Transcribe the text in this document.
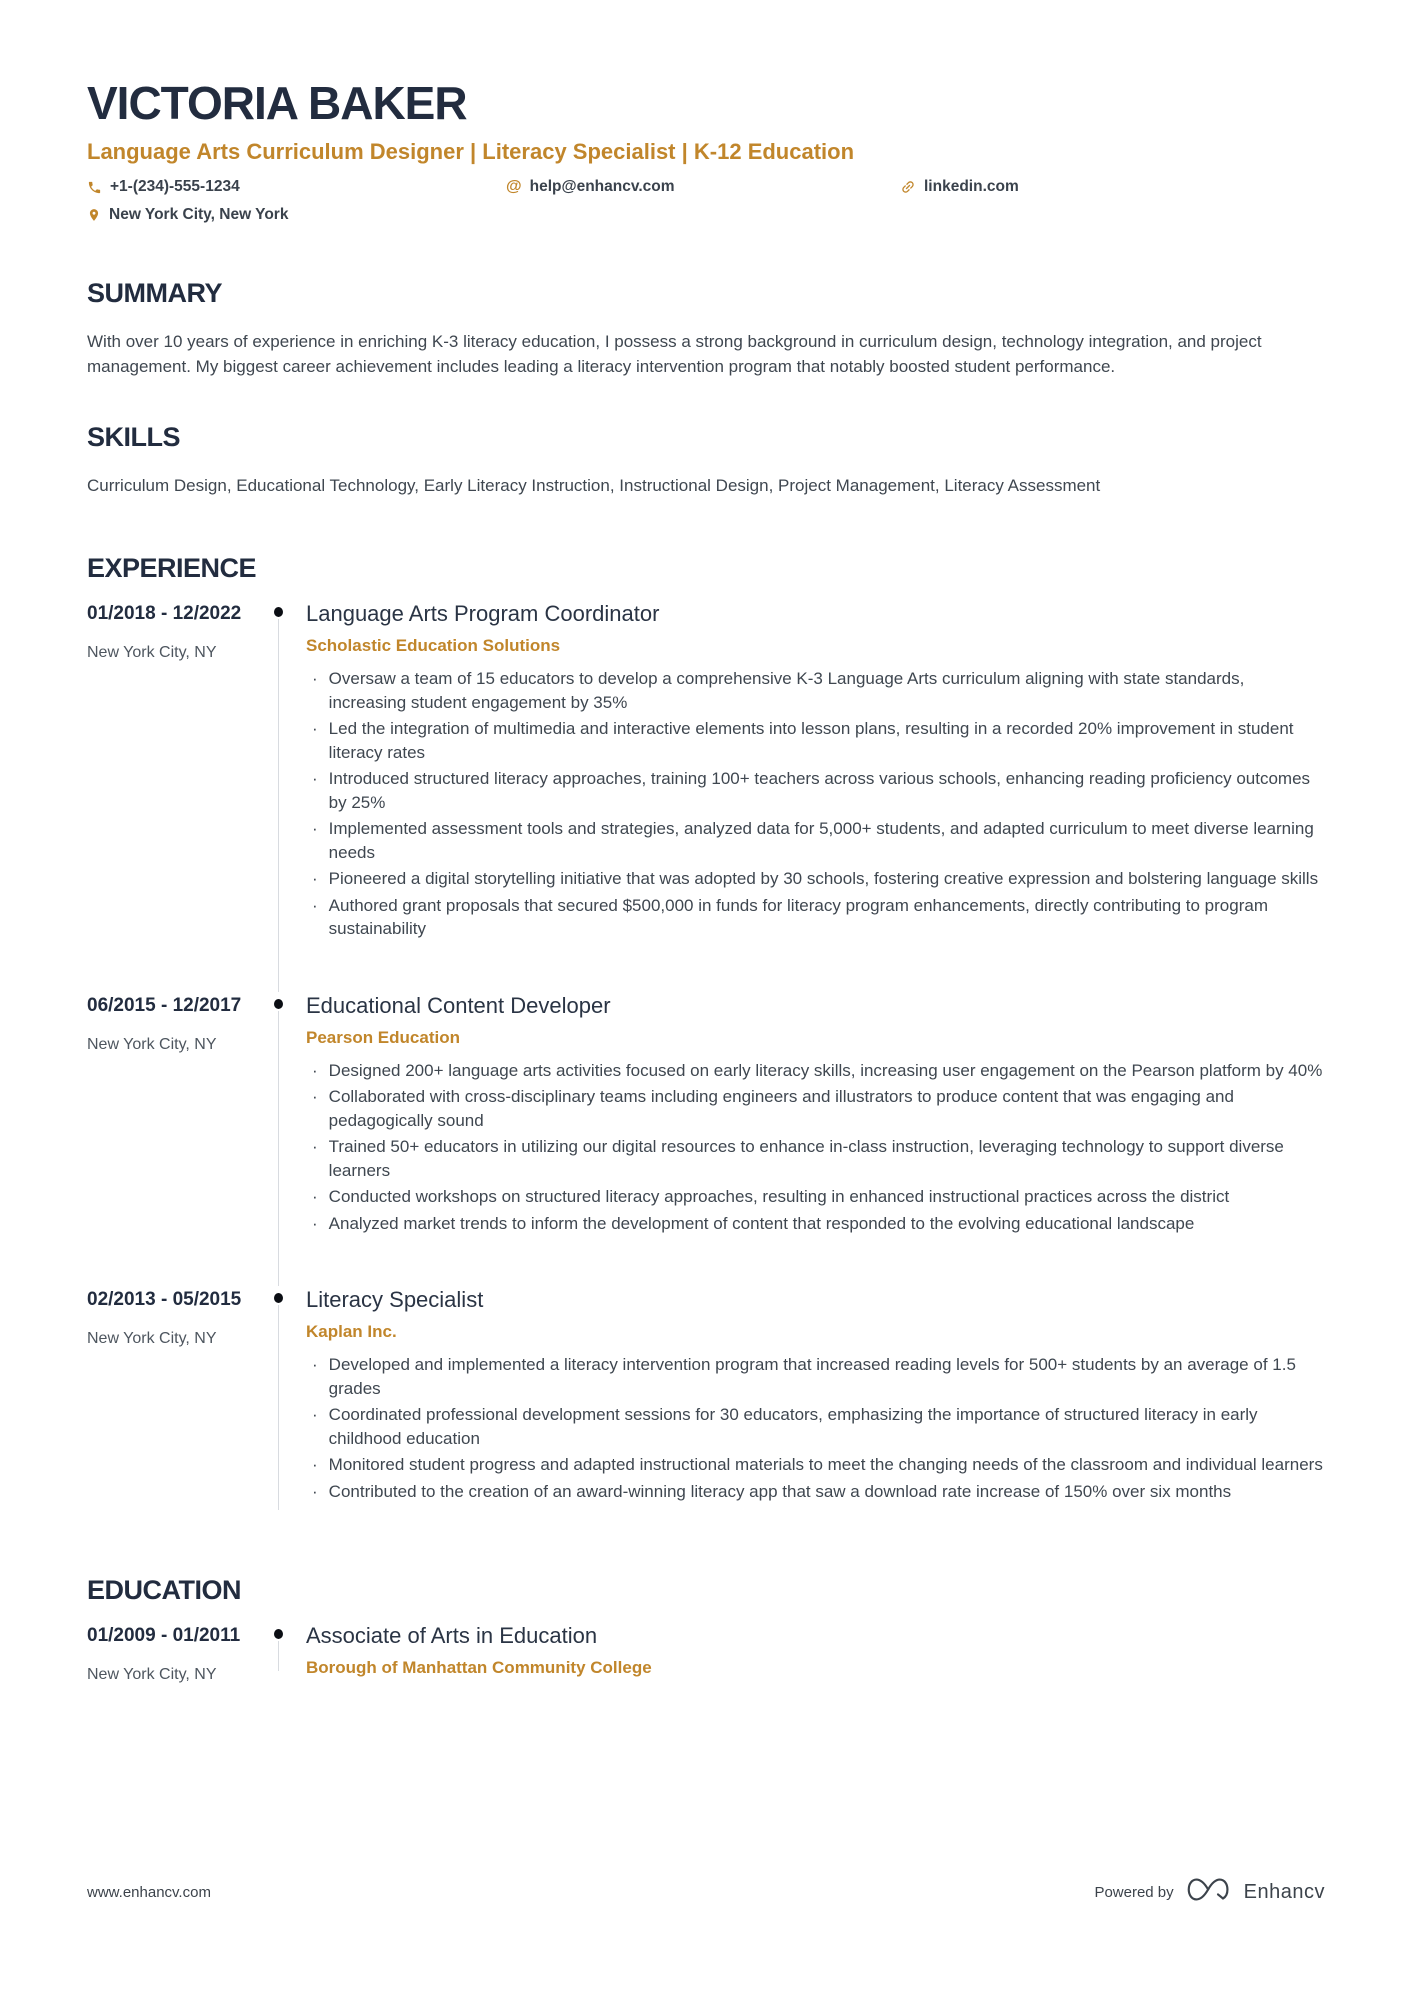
VICTORIA BAKER
Language Arts Curriculum Designer | Literacy Specialist | K-12 Education
+1-(234)-555-1234	@ help@enhancv.com	linkedin.com
New York City, New York
SUMMARY

With over 10 years of experience in enriching K-3 literacy education, I possess a strong background in curriculum design, technology integration, and project management. My biggest career achievement includes leading a literacy intervention program that notably boosted student performance.

SKILLS

Curriculum Design, Educational Technology, Early Literacy Instruction, Instructional Design, Project Management, Literacy Assessment

EXPERIENCE
01/2018 - 12/2022
New York City, NY
Language Arts Program Coordinator
Scholastic Education Solutions
· Oversaw a team of 15 educators to develop a comprehensive K-3 Language Arts curriculum aligning with state standards, increasing student engagement by 35%
· Led the integration of multimedia and interactive elements into lesson plans, resulting in a recorded 20% improvement in student literacy rates
· Introduced structured literacy approaches, training 100+ teachers across various schools, enhancing reading proficiency outcomes by 25%
· Implemented assessment tools and strategies, analyzed data for 5,000+ students, and adapted curriculum to meet diverse learning needs
· Pioneered a digital storytelling initiative that was adopted by 30 schools, fostering creative expression and bolstering language skills
· Authored grant proposals that secured $500,000 in funds for literacy program enhancements, directly contributing to program sustainability
06/2015 - 12/2017
New York City, NY
Educational Content Developer
Pearson Education
· Designed 200+ language arts activities focused on early literacy skills, increasing user engagement on the Pearson platform by 40%
· Collaborated with cross-disciplinary teams including engineers and illustrators to produce content that was engaging and pedagogically sound
· Trained 50+ educators in utilizing our digital resources to enhance in-class instruction, leveraging technology to support diverse learners
· Conducted workshops on structured literacy approaches, resulting in enhanced instructional practices across the district
· Analyzed market trends to inform the development of content that responded to the evolving educational landscape
02/2013 - 05/2015
New York City, NY
Literacy Specialist
Kaplan Inc.
· Developed and implemented a literacy intervention program that increased reading levels for 500+ students by an average of 1.5 grades
· Coordinated professional development sessions for 30 educators, emphasizing the importance of structured literacy in early childhood education
· Monitored student progress and adapted instructional materials to meet the changing needs of the classroom and individual learners
· Contributed to the creation of an award-winning literacy app that saw a download rate increase of 150% over six months
EDUCATION
01/2009 - 01/2011
New York City, NY
Associate of Arts in Education
Borough of Manhattan Community College
www.enhancv.com	Powered by	Enhancv
